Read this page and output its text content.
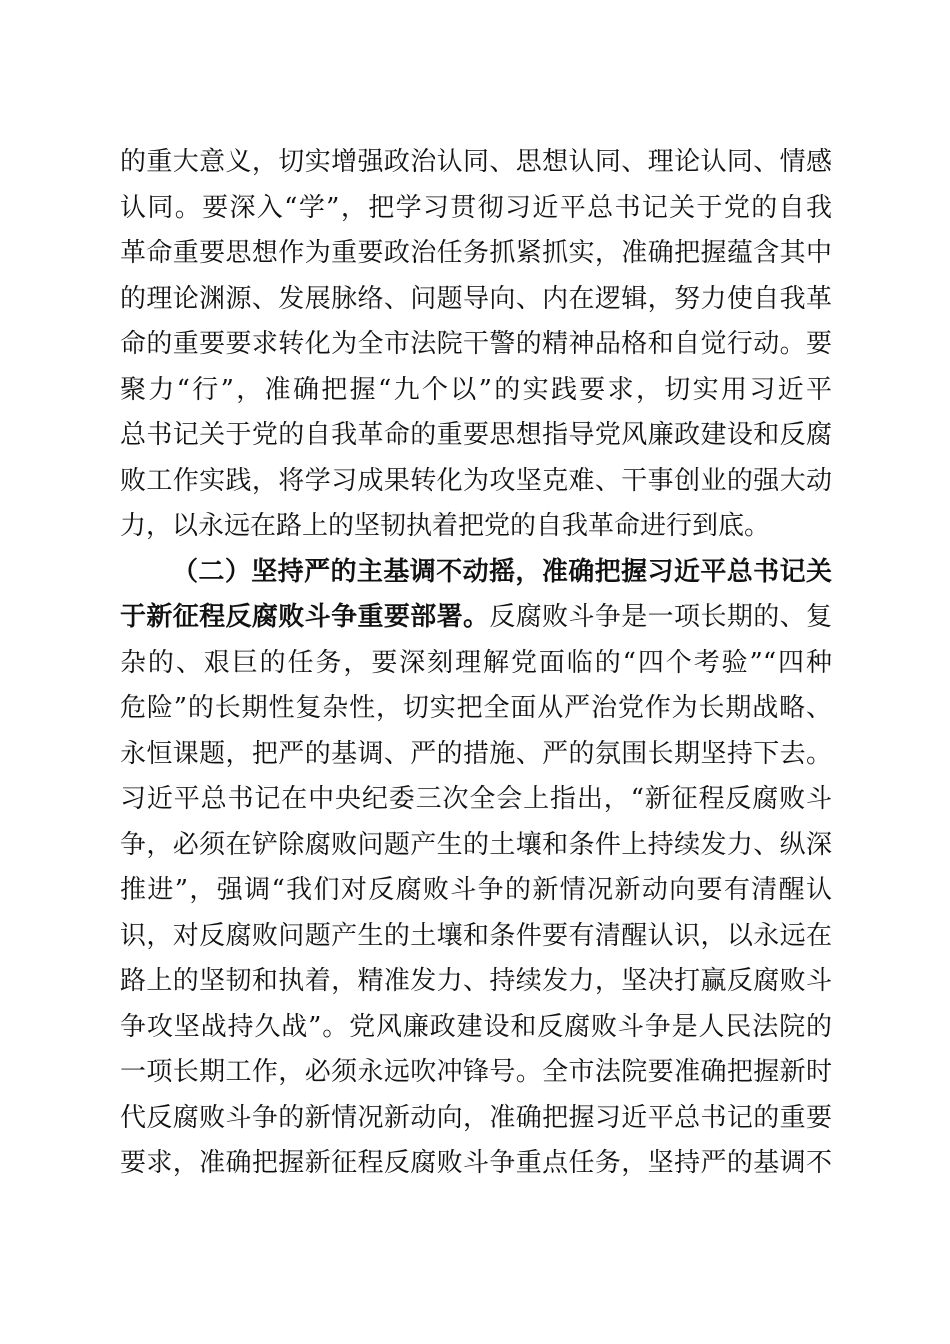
的重大意义，切实增强政治认同、思想认同、理论认同、情感
认同。要深入“学”，把学习贯彻习近平总书记关于党的自我
革命重要思想作为重要政治任务抓紧抓实，准确把握蕴含其中
的理论渊源、发展脉络、问题导向、内在逻辑，努力使自我革
命的重要要求转化为全市法院干警的精神品格和自觉行动。要
聚力“行”，准确把握“九个以”的实践要求，切实用习近平
总书记关于党的自我革命的重要思想指导党风廉政建设和反腐
败工作实践，将学习成果转化为攻坚克难、干事创业的强大动
力，以永远在路上的坚韧执着把党的自我革命进行到底。
（二）坚持严的主基调不动摇，准确把握习近平总书记关
于新征程反腐败斗争重要部署。反腐败斗争是一项长期的、复
杂的、艰巨的任务，要深刻理解党面临的“四个考验”“四种
危险”的长期性复杂性，切实把全面从严治党作为长期战略、
永恒课题，把严的基调、严的措施、严的氛围长期坚持下去。
习近平总书记在中央纪委三次全会上指出，“新征程反腐败斗
争，必须在铲除腐败问题产生的土壤和条件上持续发力、纵深
推进”，强调“我们对反腐败斗争的新情况新动向要有清醒认
识，对反腐败问题产生的土壤和条件要有清醒认识，以永远在
路上的坚韧和执着，精准发力、持续发力，坚决打赢反腐败斗
争攻坚战持久战”。党风廉政建设和反腐败斗争是人民法院的
一项长期工作，必须永远吹冲锋号。全市法院要准确把握新时
代反腐败斗争的新情况新动向，准确把握习近平总书记的重要
要求，准确把握新征程反腐败斗争重点任务，坚持严的基调不
